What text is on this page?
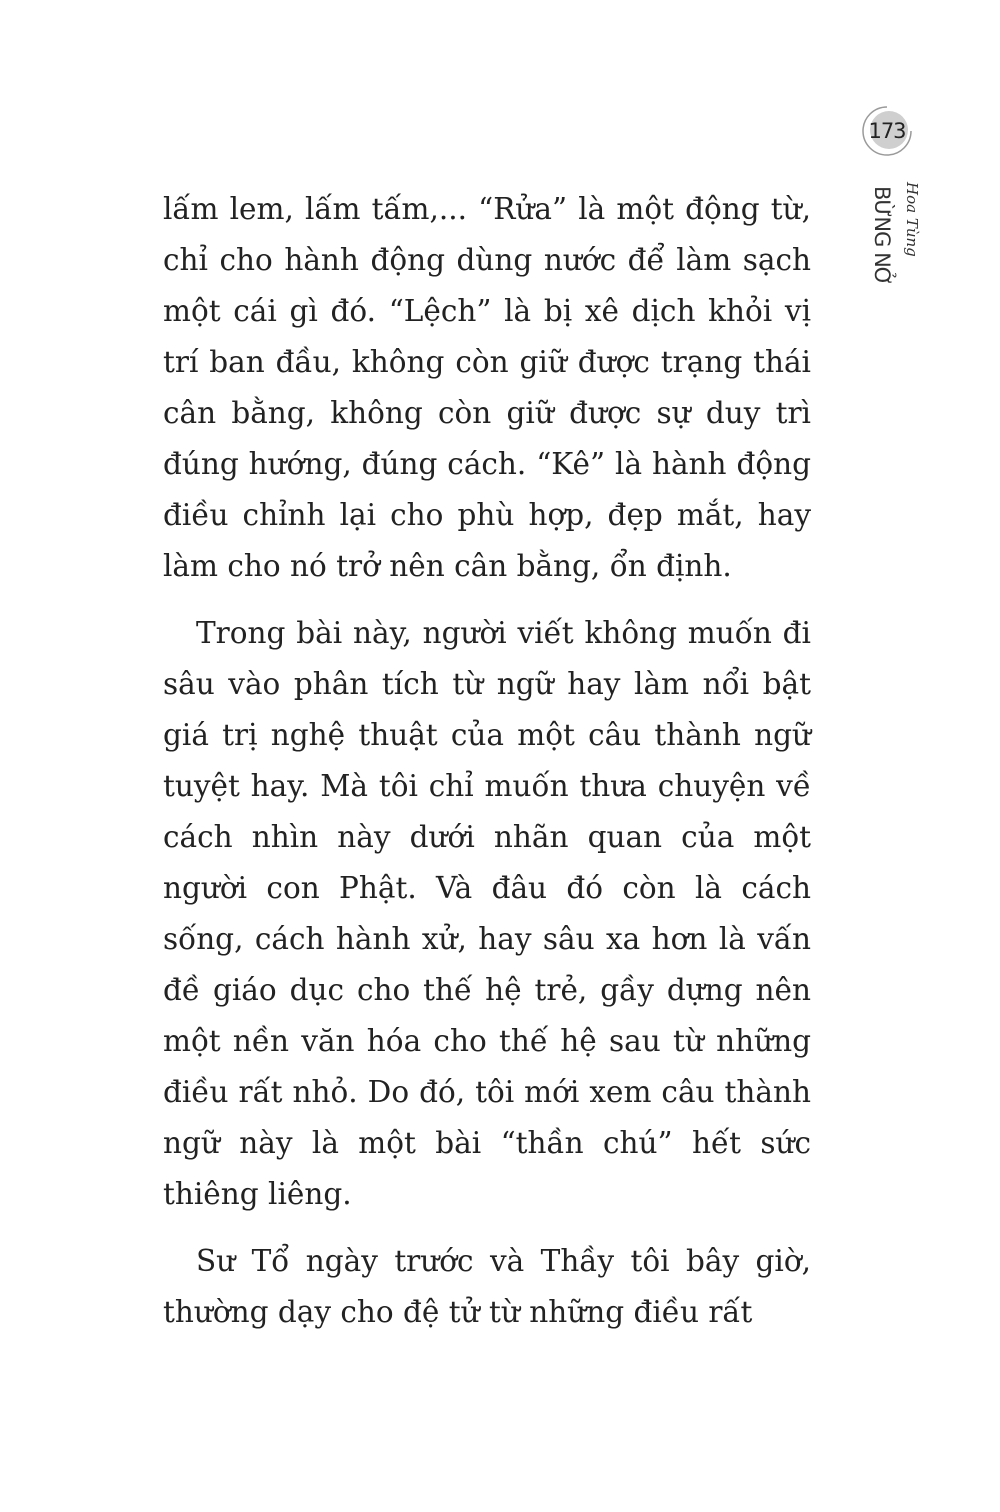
173
Hoa Tùng
BỪNG NỞ

lấm lem, lấm tấm,... “Rửa” là một động từ, chỉ cho hành động dùng nước để làm sạch một cái gì đó. “Lệch” là bị xê dịch khỏi vị trí ban đầu, không còn giữ được trạng thái cân bằng, không còn giữ được sự duy trì đúng hướng, đúng cách. “Kê” là hành động điều chỉnh lại cho phù hợp, đẹp mắt, hay làm cho nó trở nên cân bằng, ổn định.

Trong bài này, người viết không muốn đi sâu vào phân tích từ ngữ hay làm nổi bật giá trị nghệ thuật của một câu thành ngữ tuyệt hay. Mà tôi chỉ muốn thưa chuyện về cách nhìn này dưới nhãn quan của một người con Phật. Và đâu đó còn là cách sống, cách hành xử, hay sâu xa hơn là vấn đề giáo dục cho thế hệ trẻ, gầy dựng nên một nền văn hóa cho thế hệ sau từ những điều rất nhỏ. Do đó, tôi mới xem câu thành ngữ này là một bài “thần chú” hết sức thiêng liêng.

Sư Tổ ngày trước và Thầy tôi bây giờ, thường dạy cho đệ tử từ những điều rất
